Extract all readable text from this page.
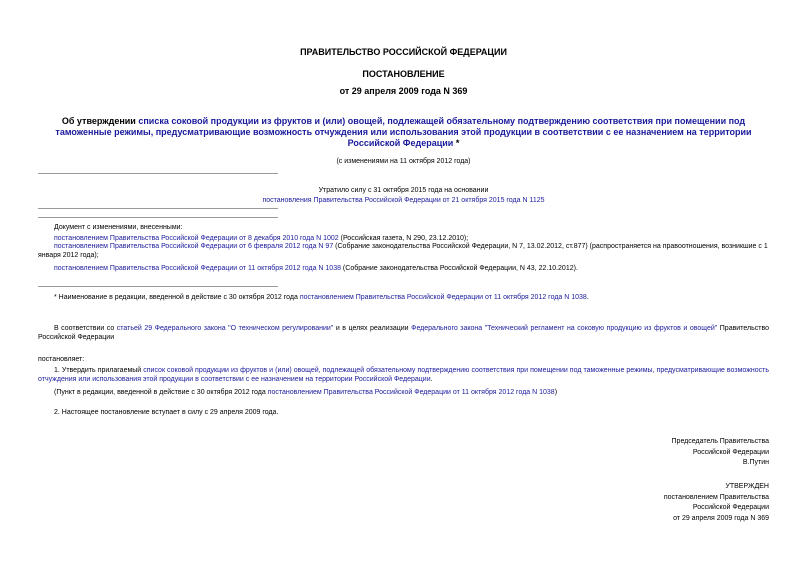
ПРАВИТЕЛЬСТВО РОССИЙСКОЙ ФЕДЕРАЦИИ
ПОСТАНОВЛЕНИЕ
от 29 апреля 2009 года N 369
Об утверждении списка соковой продукции из фруктов и (или) овощей, подлежащей обязательному подтверждению соответствия при помещении под таможенные режимы, предусматривающие возможность отчуждения или использования этой продукции в соответствии с ее назначением на территории Российской Федерации *
(с изменениями на 11 октября 2012 года)
Утратило силу с 31 октября 2015 года на основании
постановления Правительства Российской Федерации от 21 октября 2015 года N 1125
Документ с изменениями, внесенными:
постановлением Правительства Российской Федерации от 8 декабря 2010 года N 1002 (Российская газета, N 290, 23.12.2010);
постановлением Правительства Российской Федерации от 6 февраля 2012 года N 97 (Собрание законодательства Российской Федерации, N 7, 13.02.2012, ст.877) (распространяется на правоотношения, возникшие с 1 января 2012 года);
постановлением Правительства Российской Федерации от 11 октября 2012 года N 1038 (Собрание законодательства Российской Федерации, N 43, 22.10.2012).
* Наименование в редакции, введенной в действие с 30 октября 2012 года постановлением Правительства Российской Федерации от 11 октября 2012 года N 1038.
В соответствии со статьей 29 Федерального закона "О техническом регулировании" и в целях реализации Федерального закона "Технический регламент на соковую продукцию из фруктов и овощей" Правительство Российской Федерации
постановляет:
1. Утвердить прилагаемый список соковой продукции из фруктов и (или) овощей, подлежащей обязательному подтверждению соответствия при помещении под таможенные режимы, предусматривающие возможность отчуждения или использования этой продукции в соответствии с ее назначением на территории Российской Федерации.
(Пункт в редакции, введенной в действие с 30 октября 2012 года постановлением Правительства Российской Федерации от 11 октября 2012 года N 1038)
2. Настоящее постановление вступает в силу с 29 апреля 2009 года.
Председатель Правительства
Российской Федерации
В.Путин
УТВЕРЖДЕН
постановлением Правительства
Российской Федерации
от 29 апреля 2009 года N 369
